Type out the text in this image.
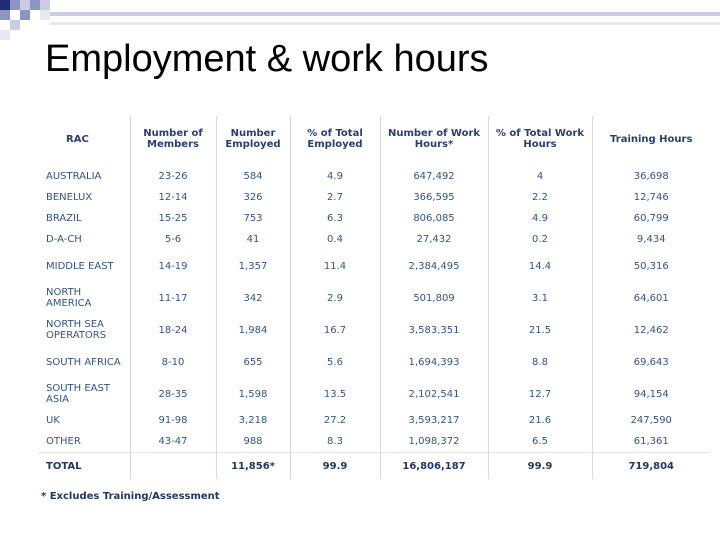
Employment & work hours
RAC	Number of Members	Number Employed	% of Total Employed	Number of Work Hours*	% of Total Work Hours	Training Hours

AUSTRALIA	23-26	584	4.9	647,492	4	36,698

BENELUX	12-14	326	2.7	366,595	2.2	12,746

BRAZIL	15-25	753	6.3	806,085	4.9	60,799

D-A-CH	5-6	41	0.4	27,432	0.2	9,434

MIDDLE EAST	14-19	1,357	11.4	2,384,495	14.4	50,316

NORTH AMERICA	11-17	342	2.9	501,809	3.1	64,601

NORTH SEA OPERATORS	18-24	1,984	16.7	3,583,351	21.5	12,462

SOUTH AFRICA	8-10	655	5.6	1,694,393	8.8	69,643

SOUTH EAST ASIA	28-35	1,598	13.5	2,102,541	12.7	94,154

UK	91-98	3,218	27.2	3,593,217	21.6	247,590

OTHER	43-47	988	8.3	1,098,372	6.5	61,361

TOTAL		11,856*	99.9	16,806,187	99.9	719,804
* Excludes Training/Assessment
